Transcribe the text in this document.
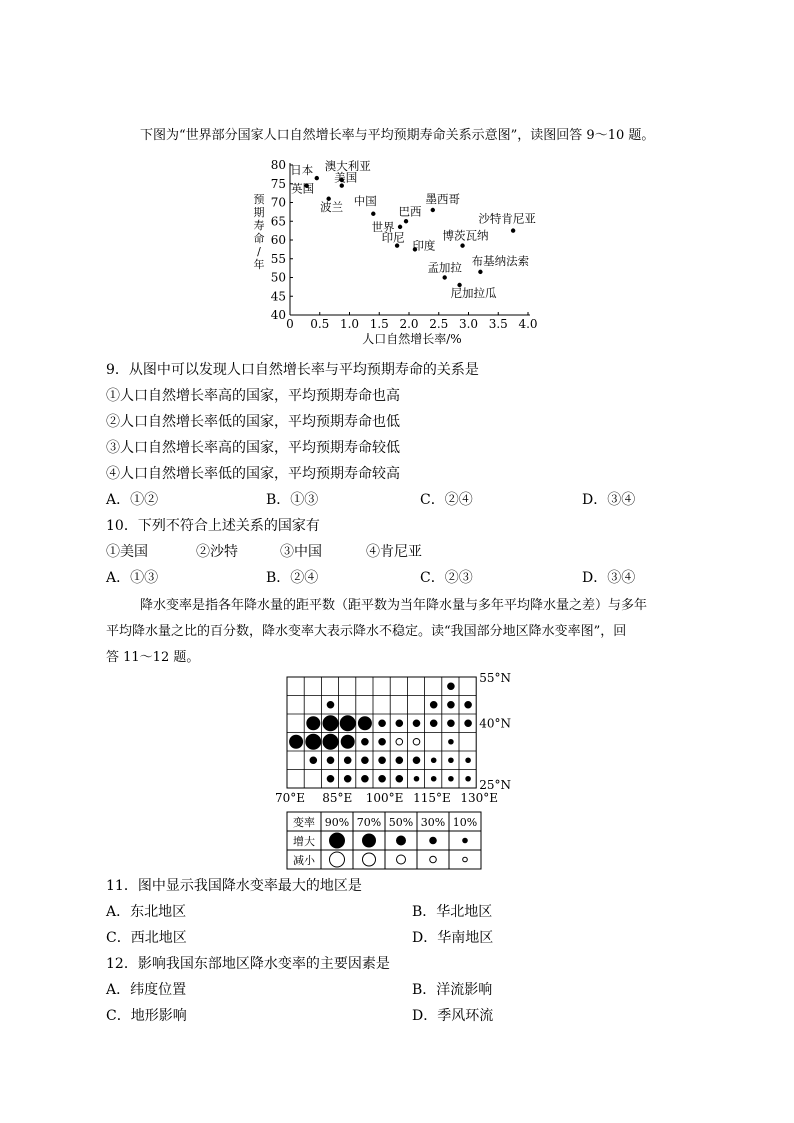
下图为“世界部分国家人口自然增长率与平均预期寿命关系示意图”，读图回答 9～10 题。
80
75
70
65
60
55
50
45
40
0 0.5 1.0 1.5 2.0 2.5 3.0 3.5 4.0
预
期
寿
命
/
年
人口自然增长率/%
日本 澳大利亚
美国
英国
波兰 中国
巴西
世界
墨西哥
印尼
印度
博茨瓦纳
沙特肯尼亚
孟加拉 布基纳法索
尼加拉瓜
9．从图中可以发现人口自然增长率与平均预期寿命的关系是
①人口自然增长率高的国家，平均预期寿命也高
②人口自然增长率低的国家，平均预期寿命也低
③人口自然增长率高的国家，平均预期寿命较低
④人口自然增长率低的国家，平均预期寿命较高
A．①②	B．①③	C．②④	D．③④
10．下列不符合上述关系的国家有
①美国	②沙特	③中国	④肯尼亚
A．①③	B．②④	C．②③	D．③④
降水变率是指各年降水量的距平数（距平数为当年降水量与多年平均降水量之差）与多年
平均降水量之比的百分数，降水变率大表示降水不稳定。读“我国部分地区降水变率图”，回
答 11～12 题。
55°N
40°N
25°N
70°E 85°E 100°E 115°E 130°E
变率 90% 70% 50% 30% 10%
增大
减小
11．图中显示我国降水变率最大的地区是
A．东北地区	B．华北地区
C．西北地区	D．华南地区
12．影响我国东部地区降水变率的主要因素是
A．纬度位置	B．洋流影响
C．地形影响	D．季风环流
